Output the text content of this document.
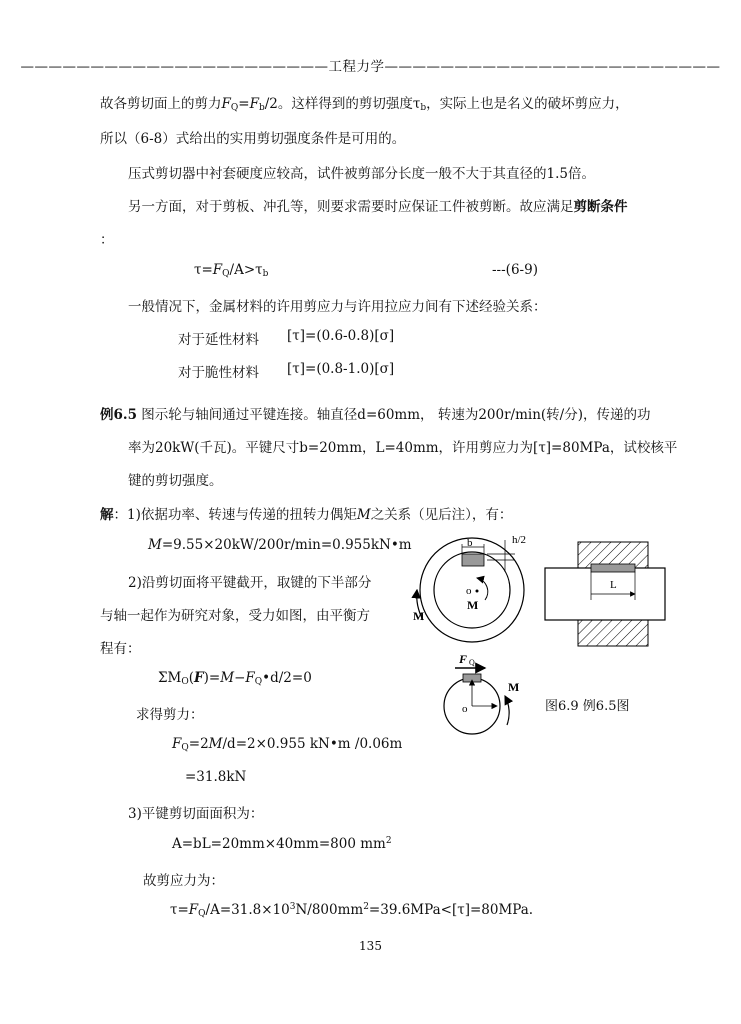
——————————————————————工程力学————————————————————————
故各剪切面上的剪力$F_Q=F_b/2$。这样得到的剪切强度$\tau_b$，实际上也是名义的破坏剪应力，
所以（6-8）式给出的实用剪切强度条件是可用的。
压式剪切器中衬套硬度应较高，试件被剪部分长度一般不大于其直径的1.5倍。
另一方面，对于剪板、冲孔等，则要求需要时应保证工件被剪断。故应满足剪断条件
：
$\tau=F_Q/A>\tau_b$	---(6-9)
一般情况下，金属材料的许用剪应力与许用拉应力间有下述经验关系：
对于延性材料 [τ]=(0.6-0.8)[σ]
对于脆性材料 [τ]=(0.8-1.0)[σ]
例6.5 图示轮与轴间通过平键连接。轴直径d=60mm， 转速为200r/min(转/分)，传递的功
率为20kW(千瓦)。平键尺寸b=20mm，L=40mm，许用剪应力为[τ]=80MPa，试校核平
键的剪切强度。
解：1)依据功率、转速与传递的扭转力偶矩M之关系（见后注），有：
M=9.55×20kW/200r/min=0.955kN•m
2)沿剪切面将平键截开，取键的下半部分
与轴一起作为研究对象，受力如图，由平衡方
程有：
$\Sigma M_O(F)=M-F_Q•d/2=0$
求得剪力：
$F_Q=2M/d=2\times 0.955$ kN•m /0.06m
=31.8kN
3)平键剪切面面积为：
A=bL=20mm×40mm=800 $mm^2$
故剪应力为：
$\tau=F_Q/A=31.8\times 10^3N/800mm^2=39.6MPa<[\tau]=80MPa$.
135
b	h/2
o
M
M
L
F Q
o
M
图6.9 例6.5图
